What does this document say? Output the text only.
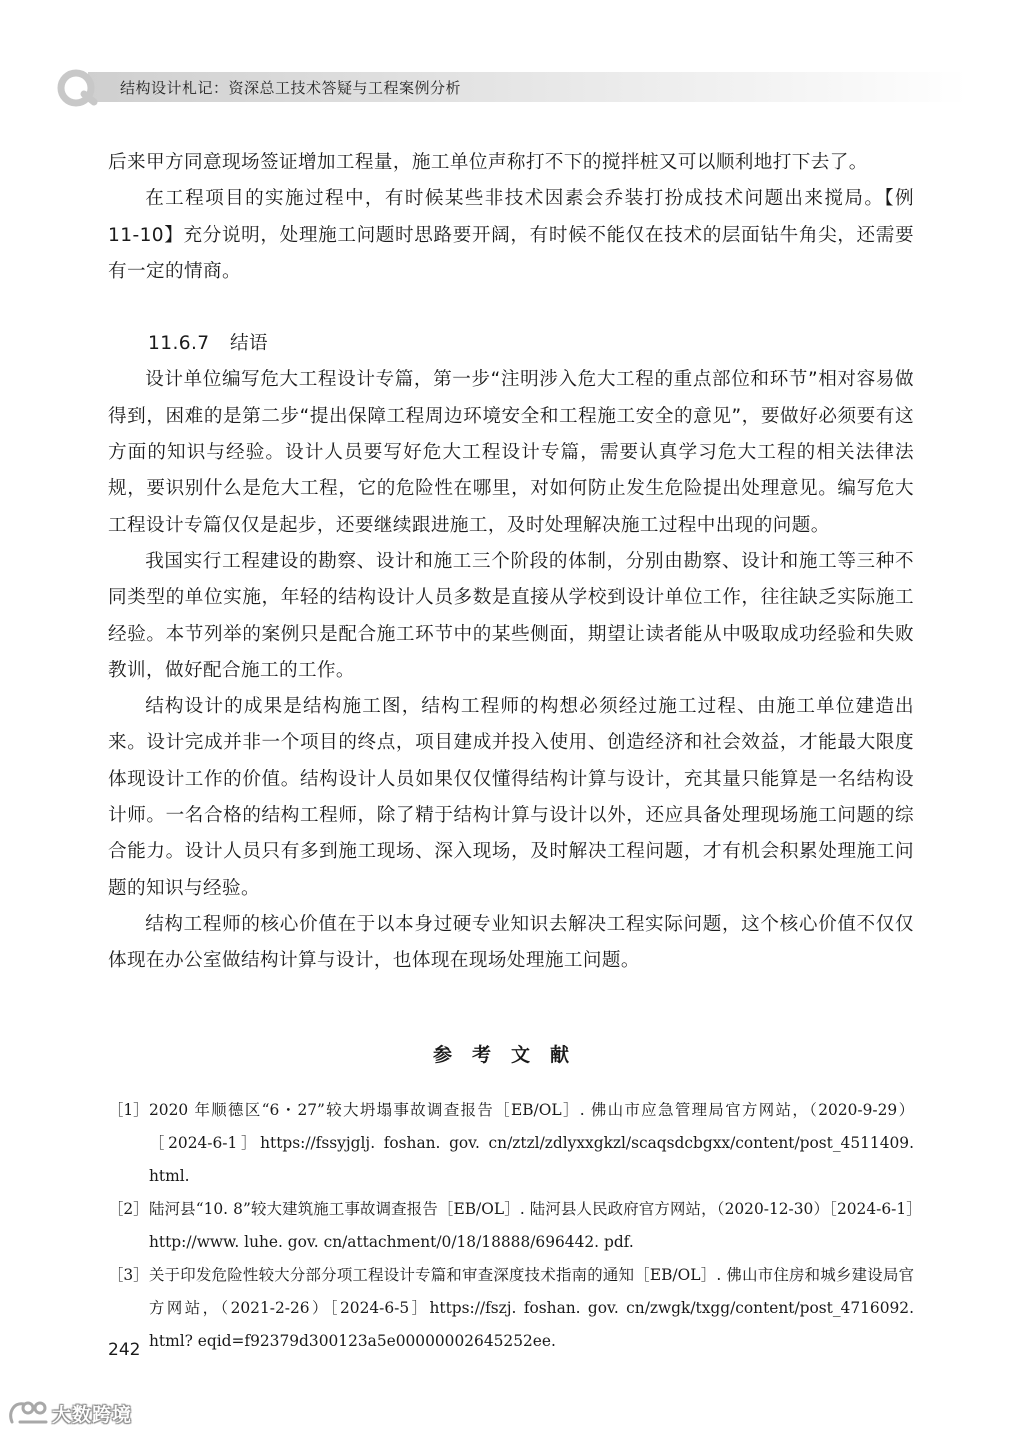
结构设计札记：资深总工技术答疑与工程案例分析

后来甲方同意现场签证增加工程量，施工单位声称打不下的搅拌桩又可以顺利地打下去了。

在工程项目的实施过程中，有时候某些非技术因素会乔装打扮成技术问题出来搅局。【例 11-10】充分说明，处理施工问题时思路要开阔，有时候不能仅在技术的层面钻牛角尖，还需要有一定的情商。

11.6.7 结语

设计单位编写危大工程设计专篇，第一步“注明涉入危大工程的重点部位和环节”相对容易做得到，困难的是第二步“提出保障工程周边环境安全和工程施工安全的意见”，要做好必须要有这方面的知识与经验。设计人员要写好危大工程设计专篇，需要认真学习危大工程的相关法律法规，要识别什么是危大工程，它的危险性在哪里，对如何防止发生危险提出处理意见。编写危大工程设计专篇仅仅是起步，还要继续跟进施工，及时处理解决施工过程中出现的问题。

我国实行工程建设的勘察、设计和施工三个阶段的体制，分别由勘察、设计和施工等三种不同类型的单位实施，年轻的结构设计人员多数是直接从学校到设计单位工作，往往缺乏实际施工经验。本节列举的案例只是配合施工环节中的某些侧面，期望让读者能从中吸取成功经验和失败教训，做好配合施工的工作。

结构设计的成果是结构施工图，结构工程师的构想必须经过施工过程、由施工单位建造出来。设计完成并非一个项目的终点，项目建成并投入使用、创造经济和社会效益，才能最大限度体现设计工作的价值。结构设计人员如果仅仅懂得结构计算与设计，充其量只能算是一名结构设计师。一名合格的结构工程师，除了精于结构计算与设计以外，还应具备处理现场施工问题的综合能力。设计人员只有多到施工现场、深入现场，及时解决工程问题，才有机会积累处理施工问题的知识与经验。

结构工程师的核心价值在于以本身过硬专业知识去解决工程实际问题，这个核心价值不仅仅体现在办公室做结构计算与设计，也体现在现场处理施工问题。

参考文献

［1］ 2020 年顺德区“6・27”较大坍塌事故调查报告［EB/OL］. 佛山市应急管理局官方网站，（2020-9-29）［2024-6-1］https://fssyjglj. foshan. gov. cn/ztzl/zdlyxxgkzl/scaqsdcbgxx/content/post_4511409. html.

［2］ 陆河县“10. 8”较大建筑施工事故调查报告［EB/OL］. 陆河县人民政府官方网站，（2020-12-30）［2024-6-1］http://www. luhe. gov. cn/attachment/0/18/18888/696442. pdf.

［3］ 关于印发危险性较大分部分项工程设计专篇和审查深度技术指南的通知［EB/OL］. 佛山市住房和城乡建设局官方网站，（2021-2-26）［2024-6-5］https://fszj. foshan. gov. cn/zwgk/txgg/content/post_4716092. html? eqid=f92379d300123a5e00000002645252ee.

242
大数跨境
